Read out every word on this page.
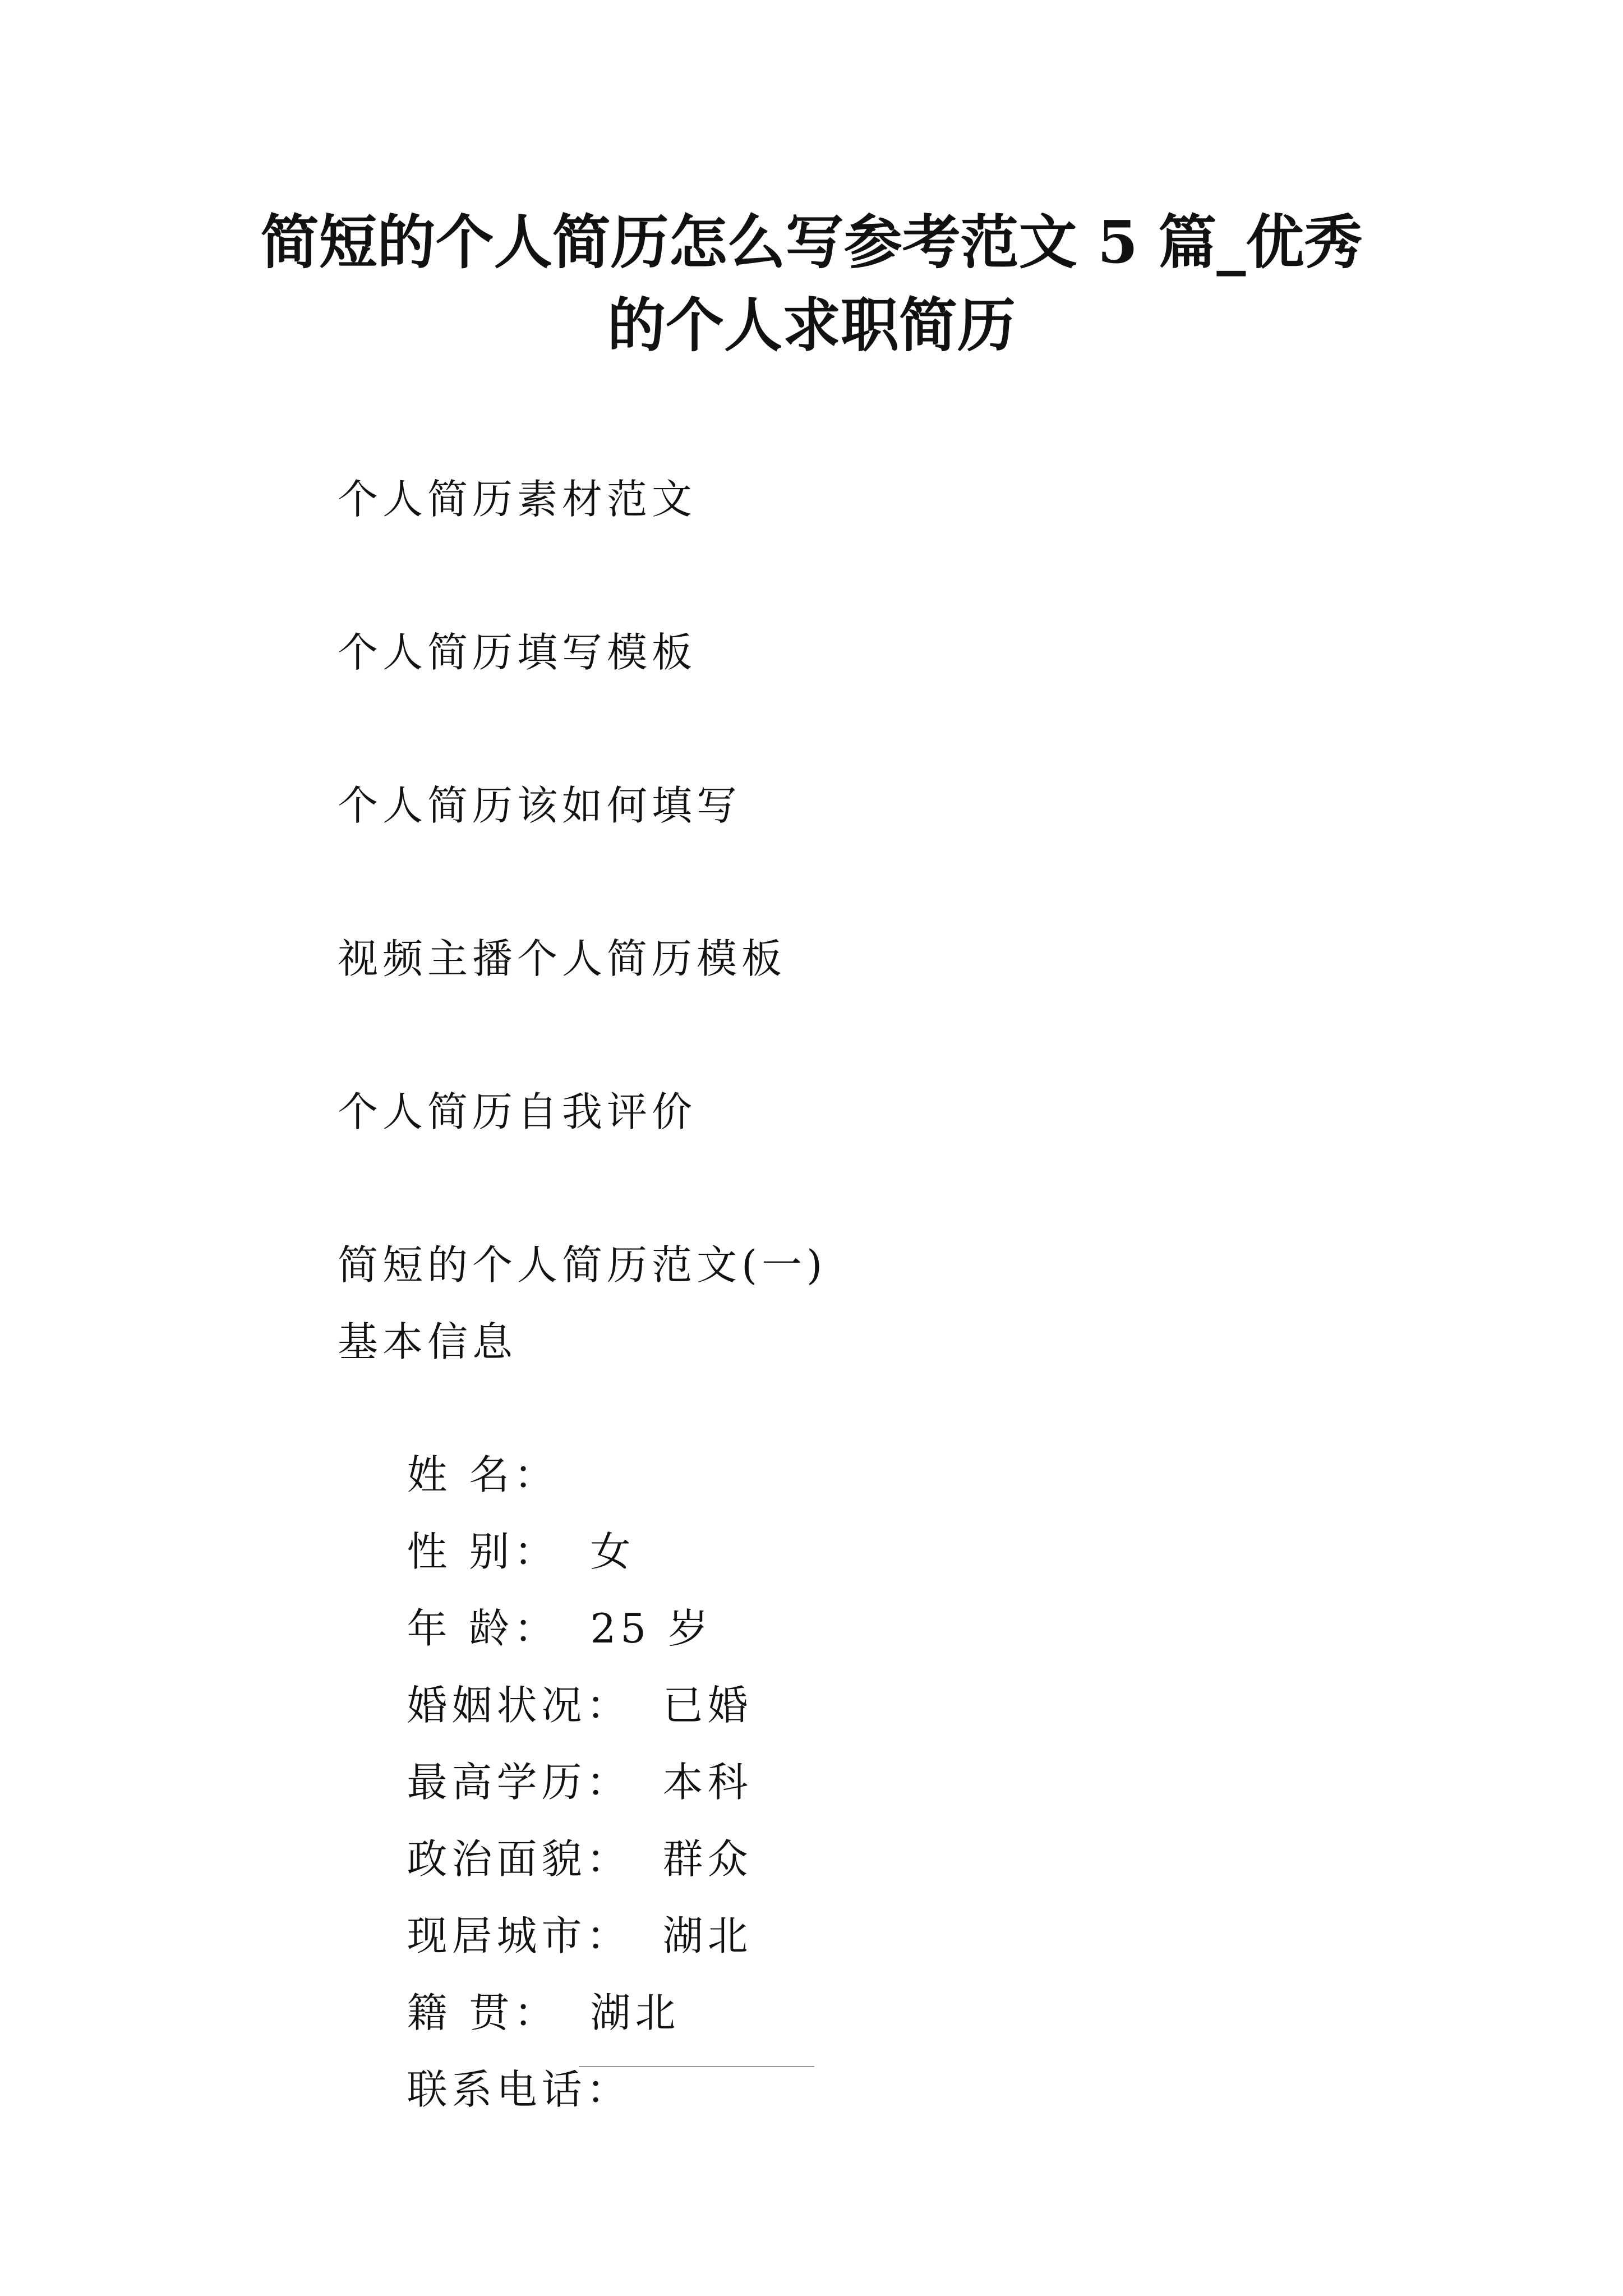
简短的个人简历怎么写参考范文 5 篇_优秀
的个人求职简历
个人简历素材范文
个人简历填写模板
个人简历该如何填写
视频主播个人简历模板
个人简历自我评价
简短的个人简历范文(一)
基本信息

姓 名：

性 别： 女

年 龄： 25 岁

婚姻状况： 已婚

最高学历： 本科

政治面貌： 群众

现居城市： 湖北

籍 贯： 湖北

联系电话：
